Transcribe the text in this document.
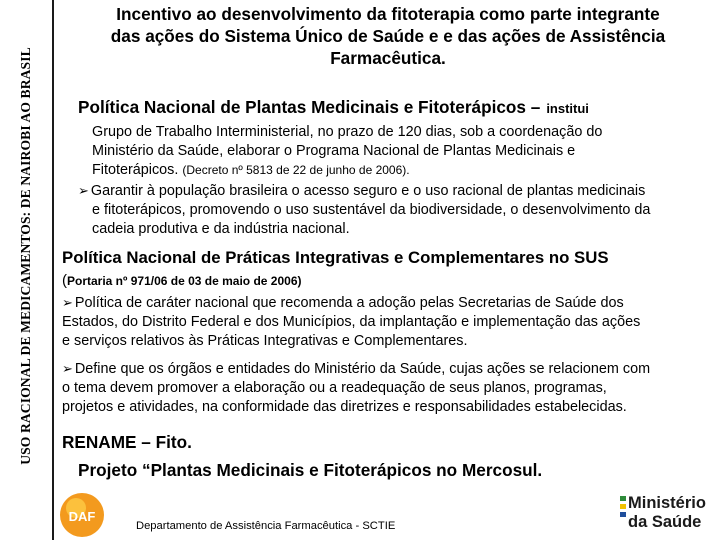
USO RACIONAL DE MEDICAMENTOS: DE NAIROBI AO BRASIL
Incentivo ao desenvolvimento da fitoterapia como parte integrante
das ações do Sistema Único de Saúde e e das ações de Assistência
Farmacêutica.
Política Nacional de Plantas Medicinais e Fitoterápicos – institui
Grupo de Trabalho Interministerial, no prazo de 120 dias, sob a coordenação do
Ministério da Saúde, elaborar o Programa Nacional de Plantas Medicinais e
Fitoterápicos. (Decreto nº 5813 de 22 de junho de 2006).
➢ Garantir à população brasileira o acesso seguro e o uso racional de plantas medicinais
e fitoterápicos, promovendo o uso sustentável da biodiversidade, o desenvolvimento da
cadeia produtiva e da indústria nacional.
Política Nacional de Práticas Integrativas e Complementares no SUS
(Portaria nº 971/06 de 03 de maio de 2006)
➢ Política de caráter nacional que recomenda a adoção pelas Secretarias de Saúde dos
Estados, do Distrito Federal e dos Municípios, da implantação e implementação das ações
e serviços relativos às Práticas Integrativas e Complementares.
➢ Define que os órgãos e entidades do Ministério da Saúde, cujas ações se relacionem com
o tema devem promover a elaboração ou a readequação de seus planos, programas,
projetos e atividades, na conformidade das diretrizes e responsabilidades estabelecidas.
RENAME – Fito.
Projeto “Plantas Medicinais e Fitoterápicos no Mercosul.
DAF
Departamento de Assistência Farmacêutica - SCTIE
Ministério
da Saúde
